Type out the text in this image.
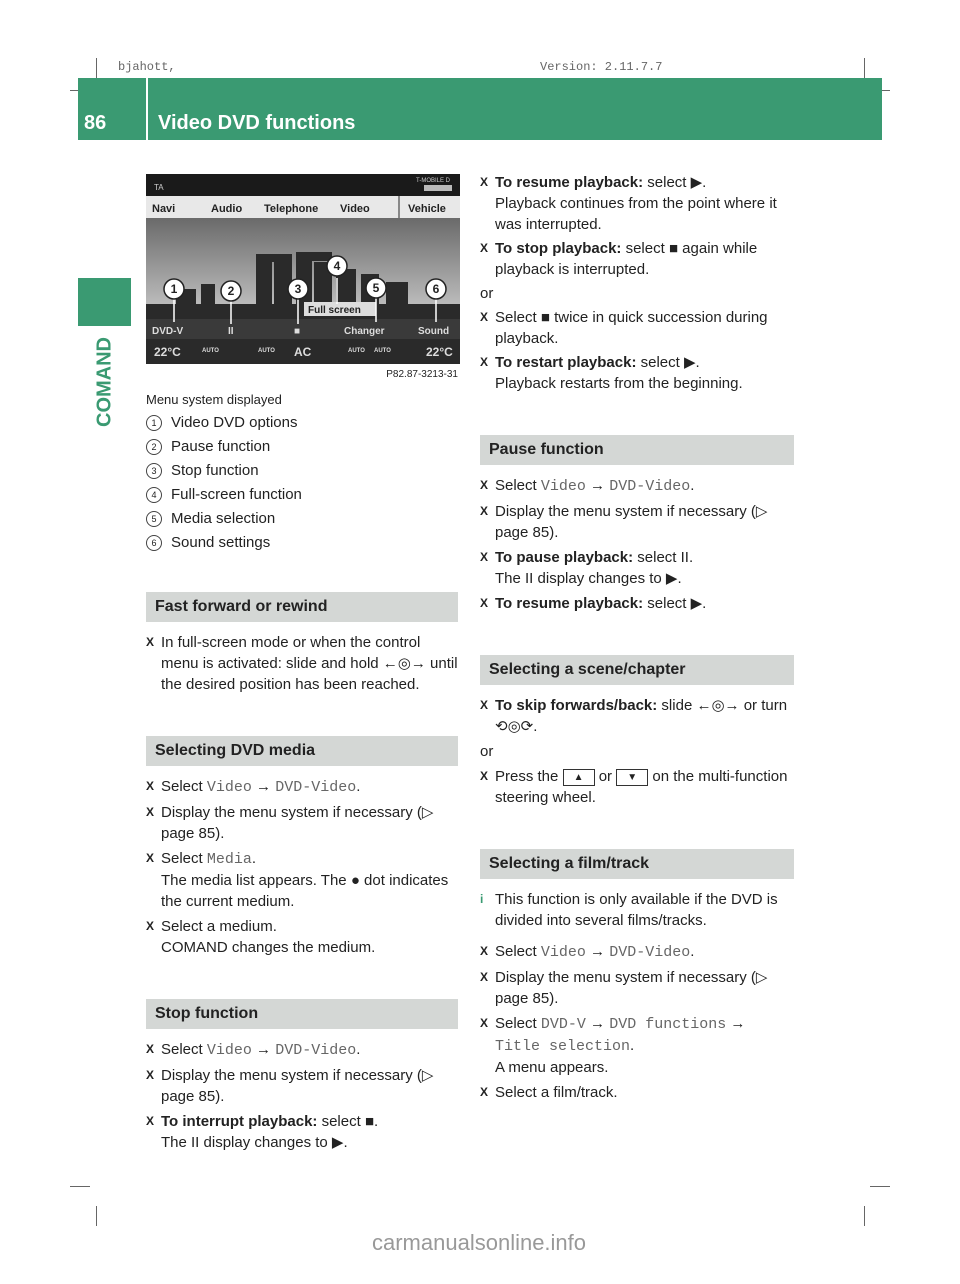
bjahott,	Version: 2.11.7.7
86	Video DVD functions
COMAND
TA
T-MOBILE D
Navi	Audio Telephone Video	Vehicle
DVD-V	II	■	Changer	Sound
Full screen
22°C	AUTO	AUTO AC	AUTO AUTO	22°C
1	2	3
4
5	6
P82.87-3213-31
Menu system displayed
1 Video DVD options
2 Pause function
3 Stop function
4 Full-screen function
5 Media selection
6 Sound settings

Fast forward or rewind

X In full-screen mode or when the control menu is activated: slide and hold ←◎→ until the desired position has been reached.

Selecting DVD media

X Select Video → DVD-Video.

X Display the menu system if necessary (▷ page 85).

X Select Media.
The media list appears. The ● dot indicates the current medium.

X Select a medium.
COMAND changes the medium.

Stop function

X Select Video → DVD-Video.

X Display the menu system if necessary (▷ page 85).

X To interrupt playback: select ■.
The II display changes to ▶.

X To resume playback: select ▶.
Playback continues from the point where it was interrupted.

X To stop playback: select ■ again while playback is interrupted.

or

X Select ■ twice in quick succession during playback.

X To restart playback: select ▶.
Playback restarts from the beginning.

Pause function

X Select Video → DVD-Video.

X Display the menu system if necessary (▷ page 85).

X To pause playback: select II.
The II display changes to ▶.

X To resume playback: select ▶.

Selecting a scene/chapter

X To skip forwards/back: slide ←◎→ or turn ⟲◎⟳.

or

X Press the ▲ or ▼ on the multi-function steering wheel.

Selecting a film/track

i This function is only available if the DVD is divided into several films/tracks.

X Select Video → DVD-Video.

X Display the menu system if necessary (▷ page 85).

X Select DVD-V → DVD functions →
Title selection.
A menu appears.

X Select a film/track.

carmanualsonline.info
